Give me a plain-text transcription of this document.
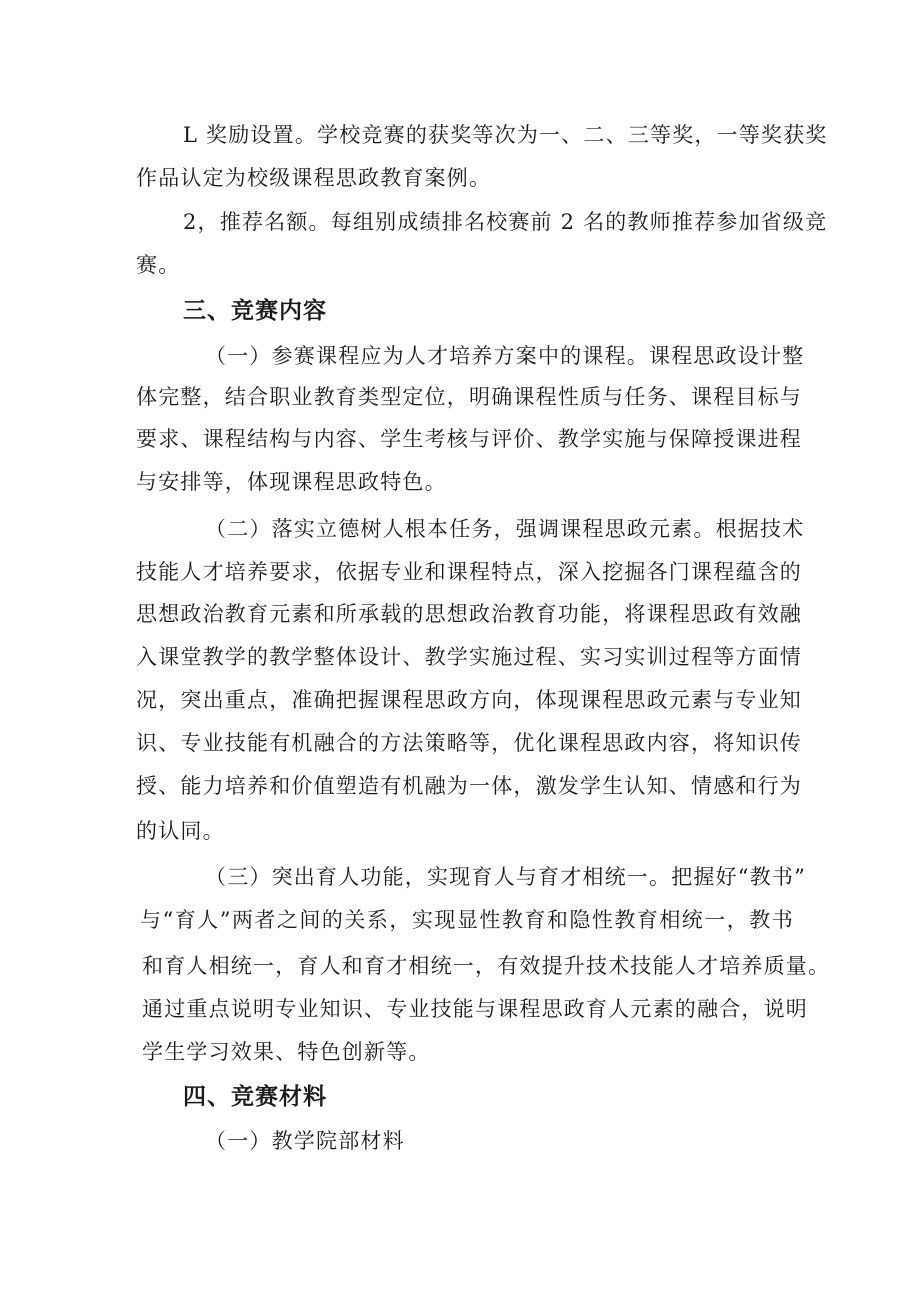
L 奖励设置。学校竞赛的获奖等次为一、二、三等奖，一等奖获奖
作品认定为校级课程思政教育案例。
2，推荐名额。每组别成绩排名校赛前 2 名的教师推荐参加省级竞
赛。
三、竞赛内容
（一）参赛课程应为人才培养方案中的课程。课程思政设计整
体完整，结合职业教育类型定位，明确课程性质与任务、课程目标与
要求、课程结构与内容、学生考核与评价、教学实施与保障授课进程
与安排等，体现课程思政特色。
（二）落实立德树人根本任务，强调课程思政元素。根据技术
技能人才培养要求，依据专业和课程特点，深入挖掘各门课程蕴含的
思想政治教育元素和所承载的思想政治教育功能，将课程思政有效融
入课堂教学的教学整体设计、教学实施过程、实习实训过程等方面情
况，突出重点，准确把握课程思政方向，体现课程思政元素与专业知
识、专业技能有机融合的方法策略等，优化课程思政内容，将知识传
授、能力培养和价值塑造有机融为一体，激发学生认知、情感和行为
的认同。
（三）突出育人功能，实现育人与育才相统一。把握好“教书”
与“育人”两者之间的关系，实现显性教育和隐性教育相统一，教书
和育人相统一，育人和育才相统一，有效提升技术技能人才培养质量。
通过重点说明专业知识、专业技能与课程思政育人元素的融合，说明
学生学习效果、特色创新等。
四、竞赛材料
（一）教学院部材料
